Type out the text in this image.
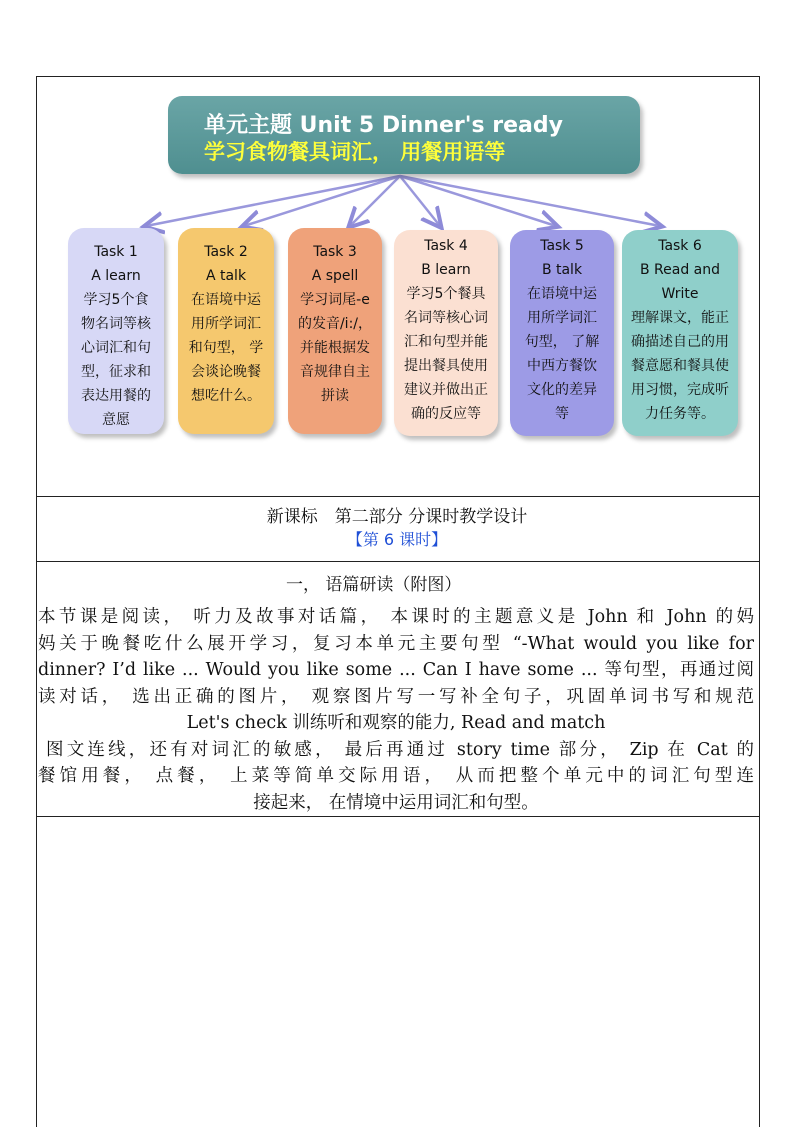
单元主题 Unit 5 Dinner's ready
学习食物餐具词汇， 用餐用语等
Task 1
A learn
学习5个食
物名词等核
心词汇和句
型，征求和
表达用餐的
意愿
Task 2
A talk
在语境中运
用所学词汇
和句型， 学
会谈论晚餐
想吃什么。
Task 3
A spell
学习词尾-e
的发音/i:/，
并能根据发
音规律自主
拼读
Task 4
B learn
学习5个餐具
名词等核心词
汇和句型并能
提出餐具使用
建议并做出正
确的反应等
Task 5
B talk
在语境中运
用所学词汇
句型， 了解
中西方餐饮
文化的差异
等
Task 6
B Read and
Write
理解课文，能正
确描述自己的用
餐意愿和餐具使
用习惯，完成听
力任务等。
新课标　第二部分 分课时教学设计
【第 6 课时】
一， 语篇研读（附图）
本节课是阅读， 听力及故事对话篇， 本课时的主题意义是 John 和 John 的妈
妈关于晚餐吃什么展开学习，复习本单元主要句型 “-What would you like for
dinner? I’d like ... Would you like some ... Can I have some ... 等句型，再通过阅
读对话， 选出正确的图片， 观察图片写一写补全句子，巩固单词书写和规范
Let's check 训练听和观察的能力, Read and match
图文连线，还有对词汇的敏感， 最后再通过 story time 部分， Zip 在 Cat 的
餐馆用餐， 点餐， 上菜等简单交际用语， 从而把整个单元中的词汇句型连
接起来， 在情境中运用词汇和句型。
